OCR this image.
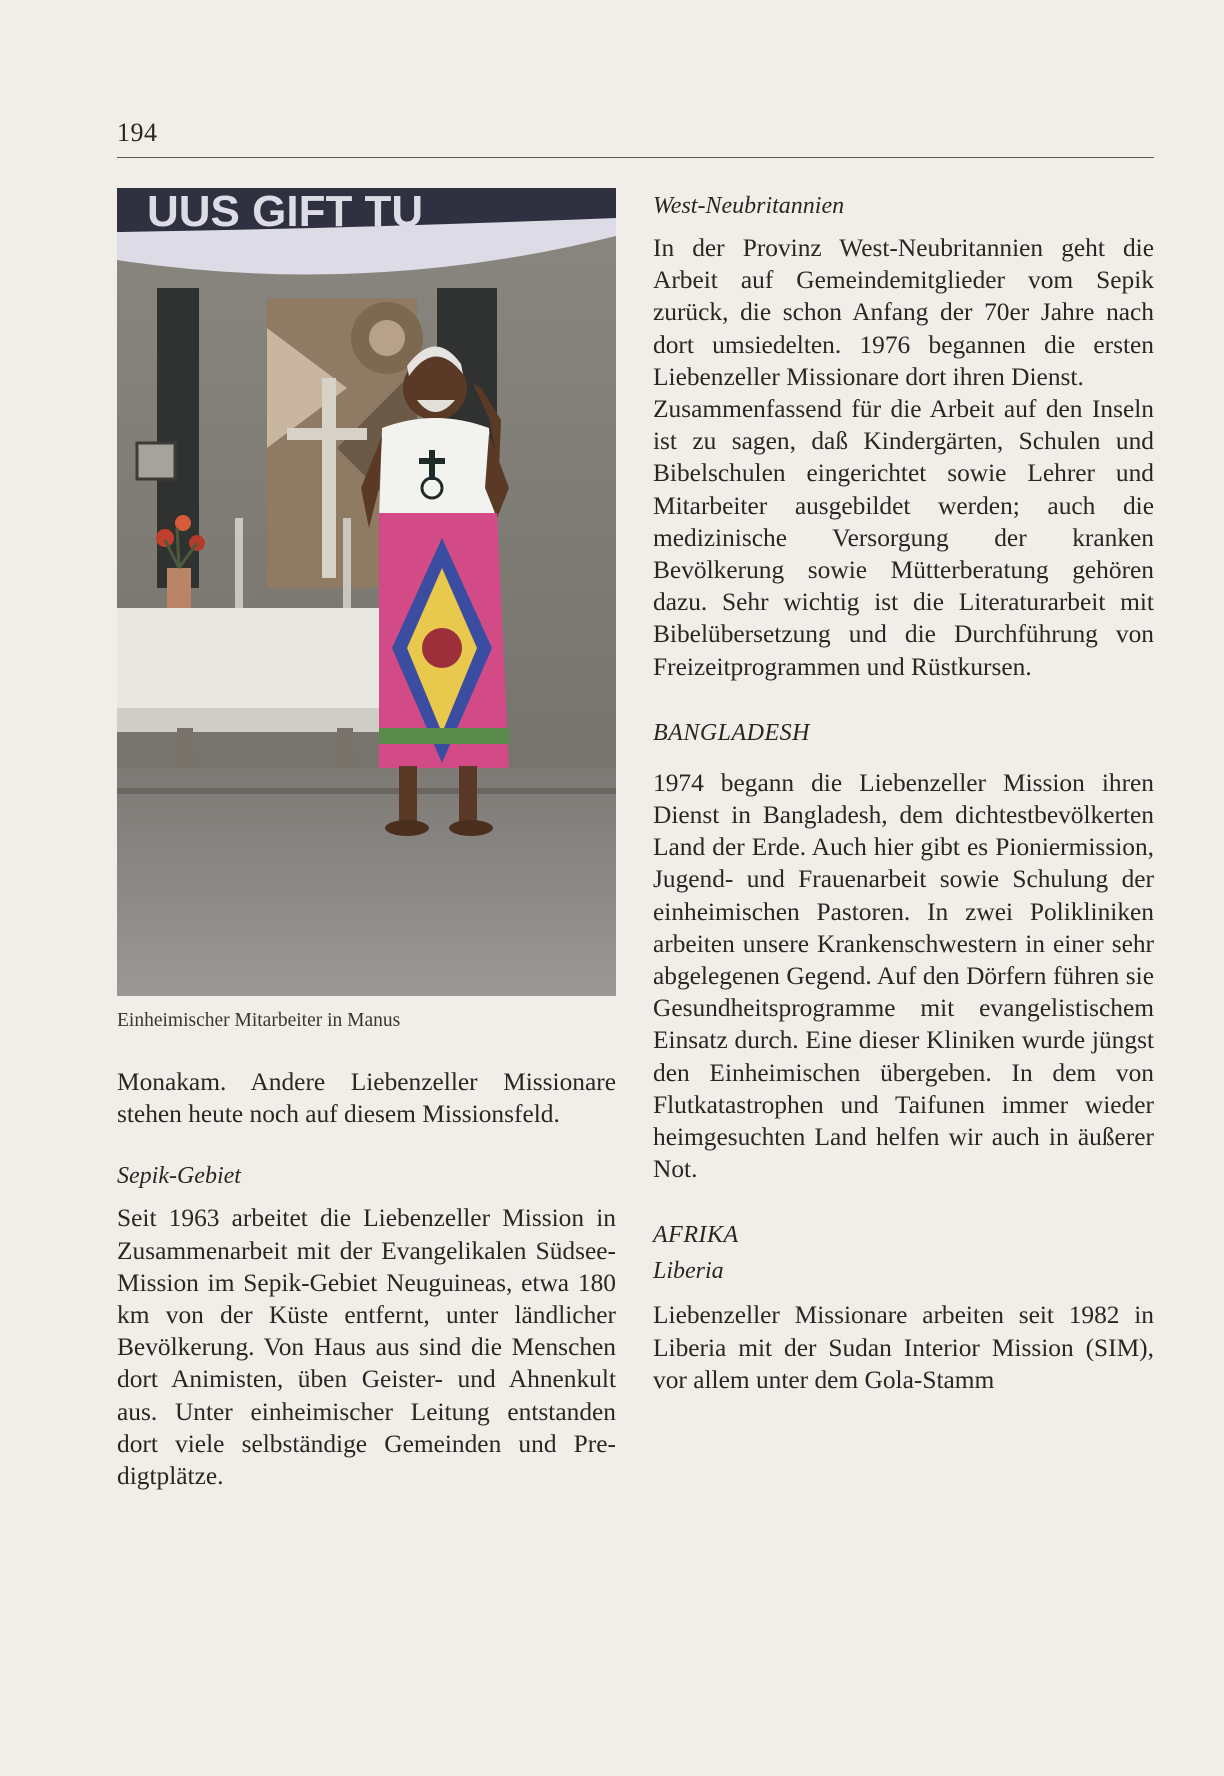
194
UUS GIFT TU
Einheimischer Mitarbeiter in Manus

Monakam. Andere Liebenzeller Missionare stehen heute noch auf diesem Missionsfeld.

Sepik-Gebiet

Seit 1963 arbeitet die Liebenzeller Mission in Zusammenarbeit mit der Evangelikalen Südsee-Mission im Sepik-Gebiet Neuguineas, etwa 180 km von der Küste entfernt, unter ländlicher Bevölkerung. Von Haus aus sind die Menschen dort Animisten, üben Geister- und Ahnenkult aus. Unter einheimischer Leitung entstanden dort viele selbständige Gemeinden und Predigtplätze.

West-Neubritannien

In der Provinz West-Neubritannien geht die Arbeit auf Gemeindemitglieder vom Sepik zurück, die schon Anfang der 70er Jahre nach dort umsiedelten. 1976 begannen die ersten Liebenzeller Missionare dort ihren Dienst.

Zusammenfassend für die Arbeit auf den Inseln ist zu sagen, daß Kindergärten, Schulen und Bibelschulen eingerichtet sowie Lehrer und Mitarbeiter ausgebildet werden; auch die medizinische Versorgung der kranken Bevölkerung sowie Mütterberatung gehören dazu. Sehr wichtig ist die Literaturarbeit mit Bibelübersetzung und die Durchführung von Freizeitprogrammen und Rüstkursen.

BANGLADESH

1974 begann die Liebenzeller Mission ihren Dienst in Bangladesh, dem dichtestbevölkerten Land der Erde. Auch hier gibt es Pioniermission, Jugend- und Frauenarbeit sowie Schulung der einheimischen Pastoren. In zwei Polikliniken arbeiten unsere Krankenschwestern in einer sehr abgelegenen Gegend. Auf den Dörfern führen sie Gesundheitsprogramme mit evangelistischem Einsatz durch. Eine dieser Kliniken wurde jüngst den Einheimischen übergeben. In dem von Flutkatastrophen und Taifunen immer wieder heimgesuchten Land helfen wir auch in äußerer Not.

AFRIKA

Liberia

Liebenzeller Missionare arbeiten seit 1982 in Liberia mit der Sudan Interior Mission (SIM), vor allem unter dem Gola-Stamm
